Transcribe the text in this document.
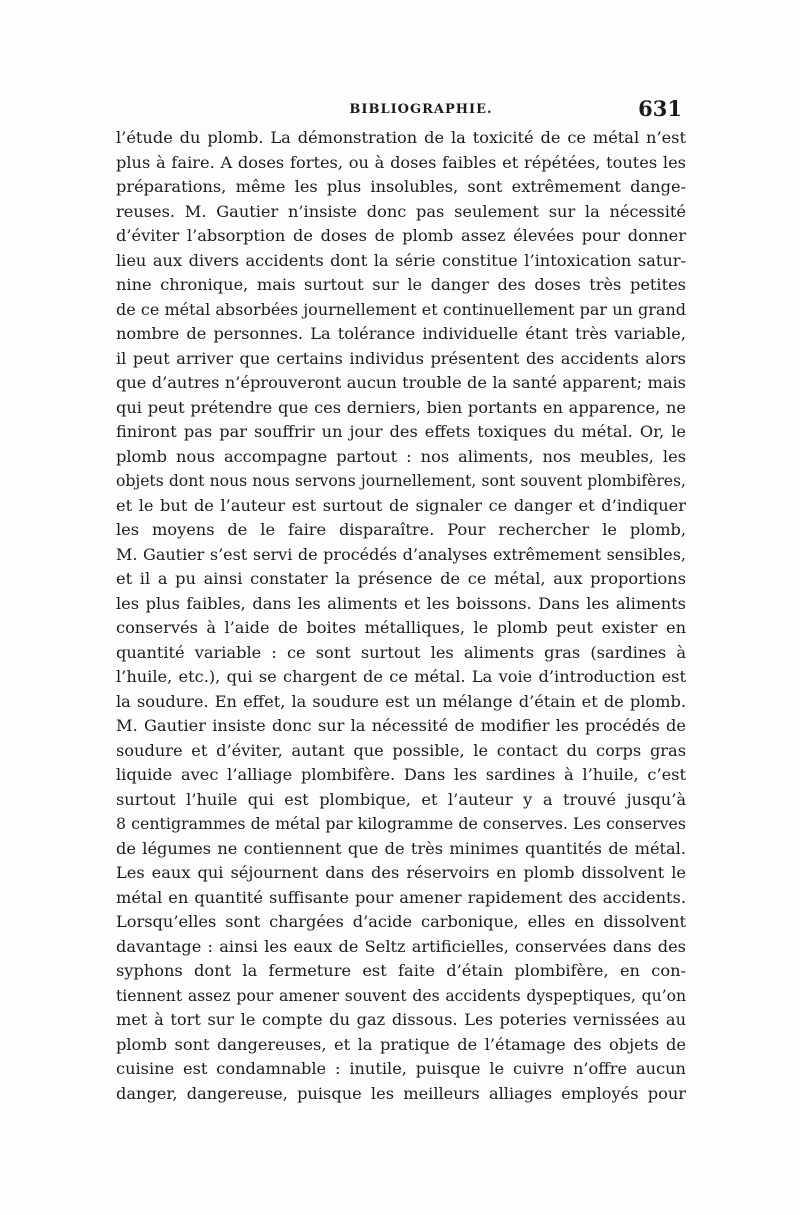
BIBLIOGRAPHIE.	631
l’étude du plomb. La démonstration de la toxicité de ce métal n’est
plus à faire. A doses fortes, ou à doses faibles et répétées, toutes les
préparations, même les plus insolubles, sont extrêmement dange-
reuses. M. Gautier n’insiste donc pas seulement sur la nécessité
d’éviter l’absorption de doses de plomb assez élevées pour donner
lieu aux divers accidents dont la série constitue l’intoxication satur-
nine chronique, mais surtout sur le danger des doses très petites
de ce métal absorbées journellement et continuellement par un grand
nombre de personnes. La tolérance individuelle étant très variable,
il peut arriver que certains individus présentent des accidents alors
que d’autres n’éprouveront aucun trouble de la santé apparent; mais
qui peut prétendre que ces derniers, bien portants en apparence, ne
finiront pas par souffrir un jour des effets toxiques du métal. Or, le
plomb nous accompagne partout : nos aliments, nos meubles, les
objets dont nous nous servons journellement, sont souvent plombifères,
et le but de l’auteur est surtout de signaler ce danger et d’indiquer
les moyens de le faire disparaître. Pour rechercher le plomb,
M. Gautier s’est servi de procédés d’analyses extrêmement sensibles,
et il a pu ainsi constater la présence de ce métal, aux proportions
les plus faibles, dans les aliments et les boissons. Dans les aliments
conservés à l’aide de boites métalliques, le plomb peut exister en
quantité variable : ce sont surtout les aliments gras (sardines à
l’huile, etc.), qui se chargent de ce métal. La voie d’introduction est
la soudure. En effet, la soudure est un mélange d’étain et de plomb.
M. Gautier insiste donc sur la nécessité de modifier les procédés de
soudure et d’éviter, autant que possible, le contact du corps gras
liquide avec l’alliage plombifère. Dans les sardines à l’huile, c’est
surtout l’huile qui est plombique, et l’auteur y a trouvé jusqu’à
8 centigrammes de métal par kilogramme de conserves. Les conserves
de légumes ne contiennent que de très minimes quantités de métal.
Les eaux qui séjournent dans des réservoirs en plomb dissolvent le
métal en quantité suffisante pour amener rapidement des accidents.
Lorsqu’elles sont chargées d’acide carbonique, elles en dissolvent
davantage : ainsi les eaux de Seltz artificielles, conservées dans des
syphons dont la fermeture est faite d’étain plombifère, en con-
tiennent assez pour amener souvent des accidents dyspeptiques, qu’on
met à tort sur le compte du gaz dissous. Les poteries vernissées au
plomb sont dangereuses, et la pratique de l’étamage des objets de
cuisine est condamnable : inutile, puisque le cuivre n’offre aucun
danger, dangereuse, puisque les meilleurs alliages employés pour
